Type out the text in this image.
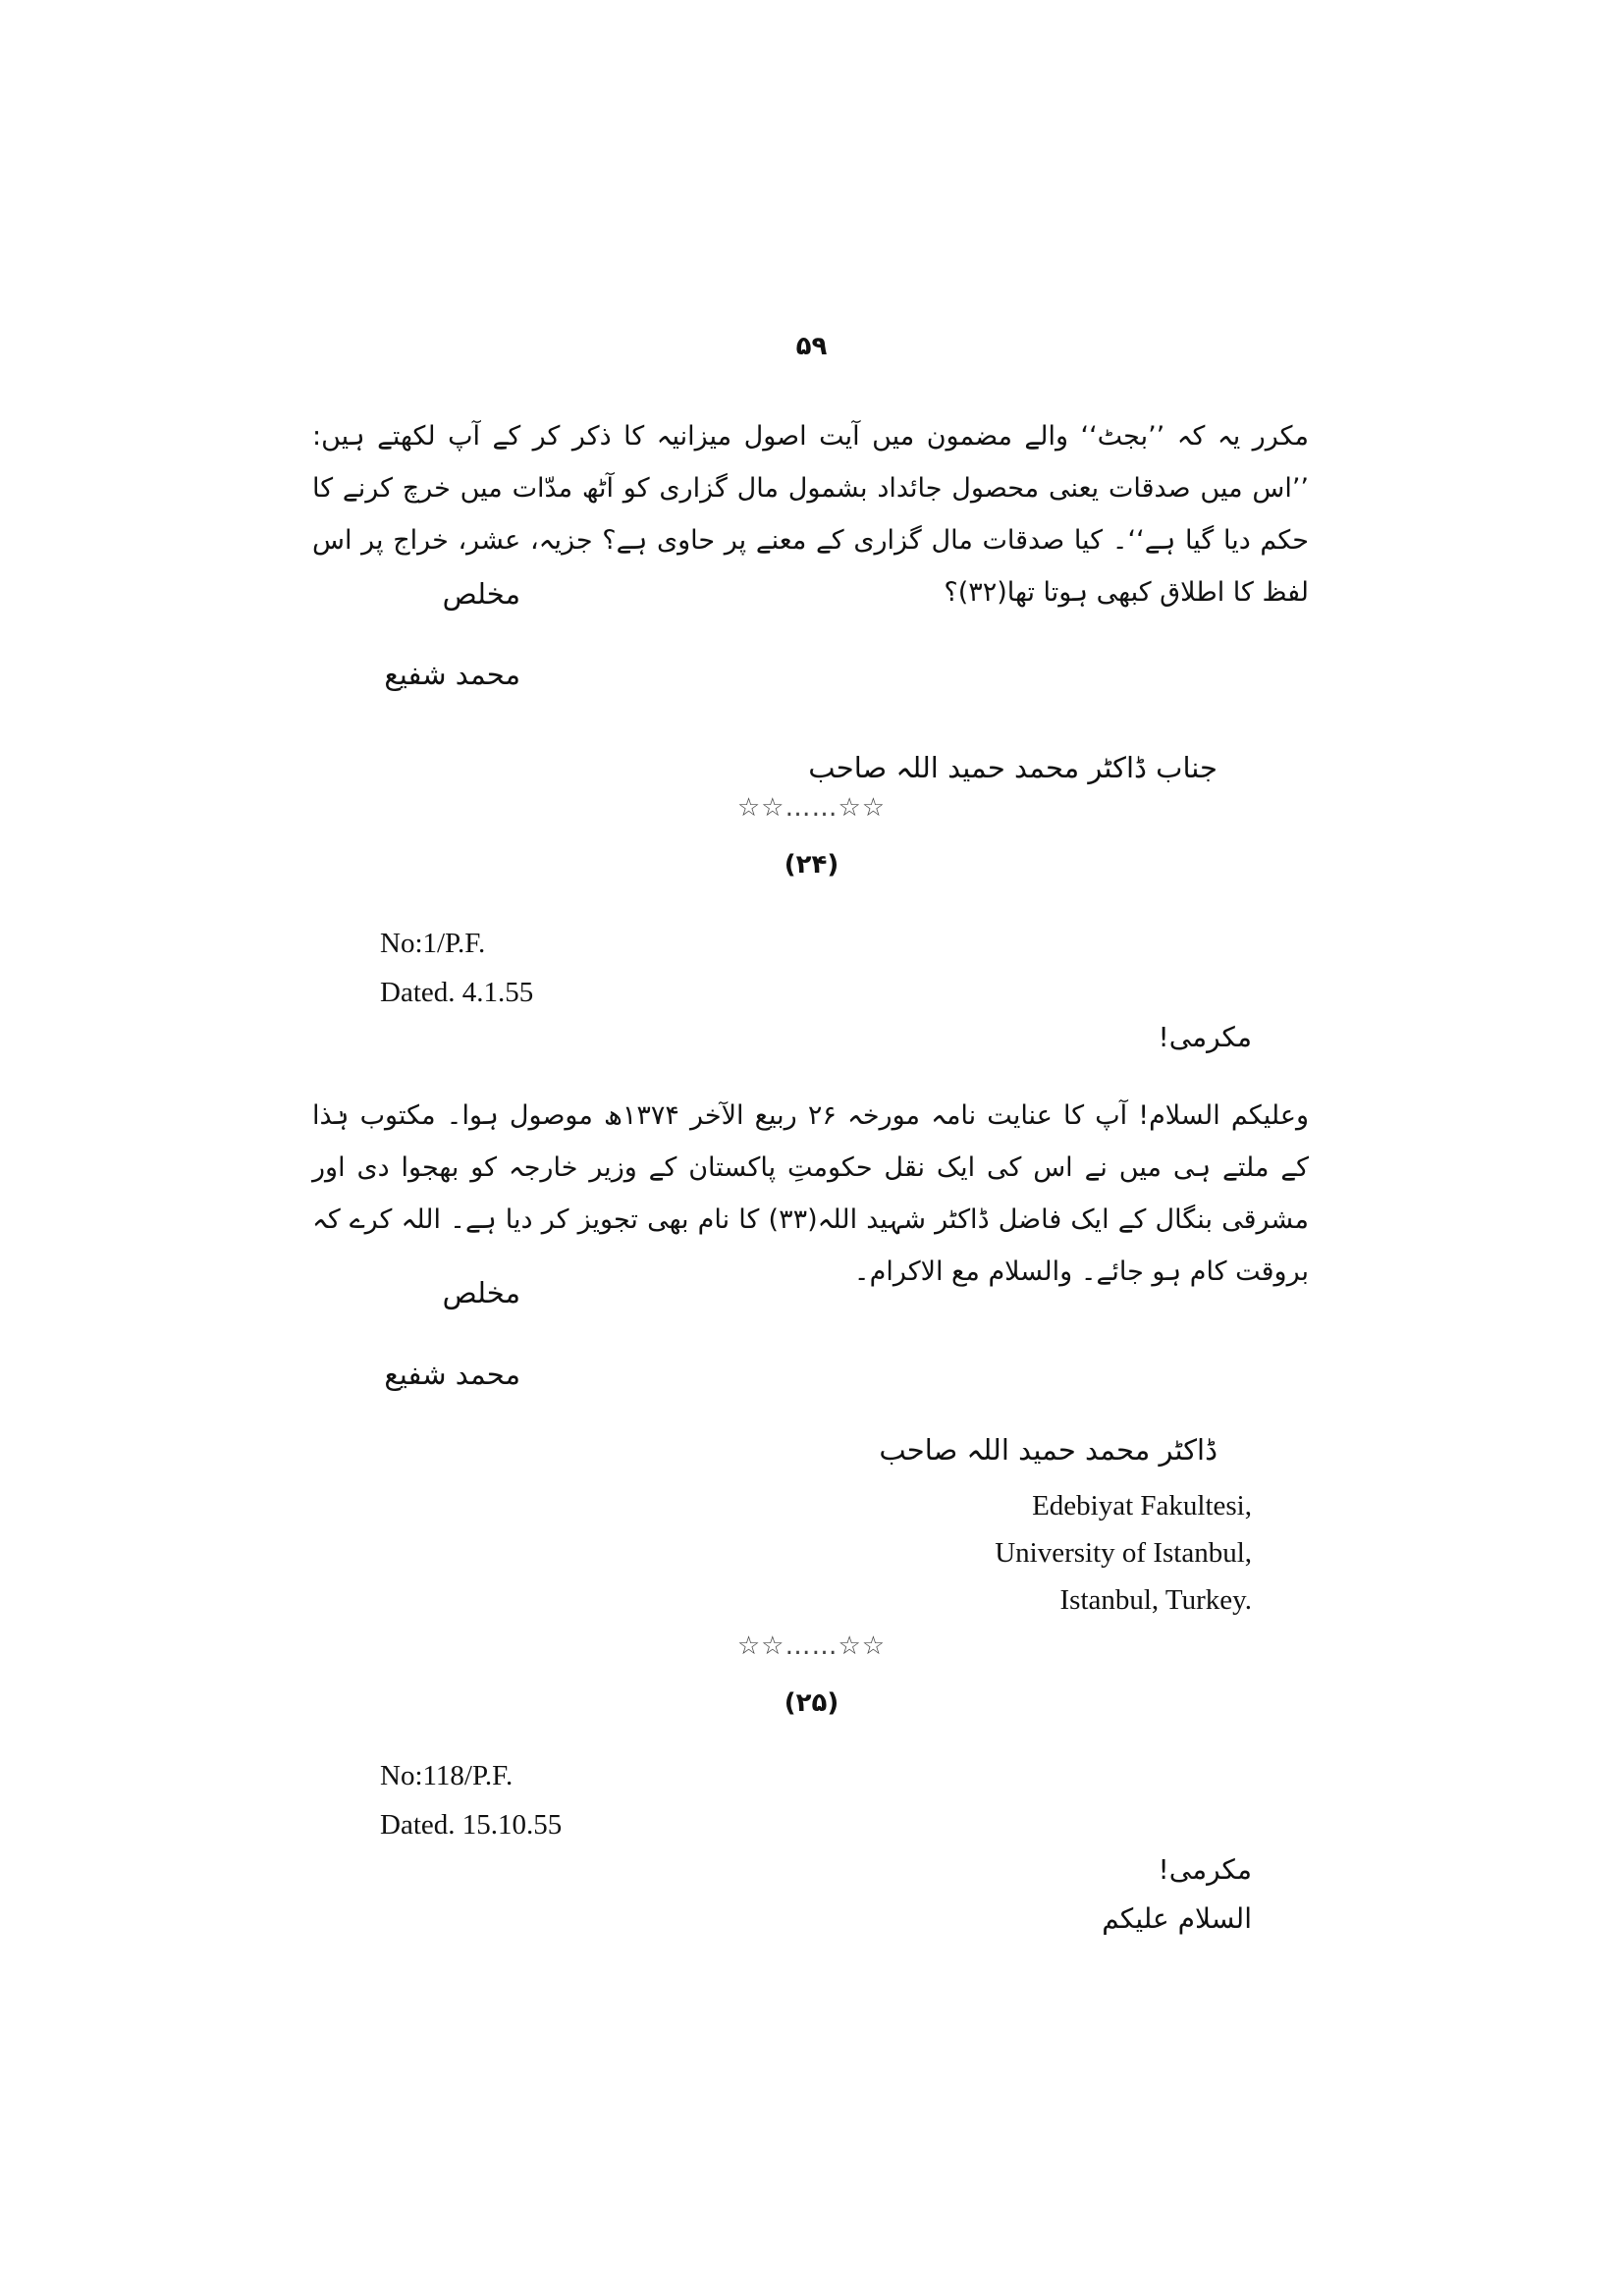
۵۹
مکرر یہ کہ ’’بجٹ‘‘ والے مضمون میں آیت اصول میزانیہ کا ذکر کر کے آپ لکھتے ہیں: ’’اس میں صدقات یعنی محصول جائداد بشمول مال گزاری کو آٹھ مدّات میں خرچ کرنے کا حکم دیا گیا ہے‘‘۔ کیا صدقات مال گزاری کے معنے پر حاوی ہے؟ جزیہ، عشر، خراج پر اس لفظ کا اطلاق کبھی ہوتا تھا(۳۲)؟
مخلص
محمد شفیع
جناب ڈاکٹر محمد حمید اللہ صاحب
☆☆……☆☆
(۲۴)
No:1/P.F.
Dated. 4.1.55
مکرمی!
وعلیکم السلام! آپ کا عنایت نامہ مورخہ ۲۶ ربیع الآخر ۱۳۷۴ھ موصول ہوا۔ مکتوب ہٰذا کے ملتے ہی میں نے اس کی ایک نقل حکومتِ پاکستان کے وزیر خارجہ کو بھجوا دی اور مشرقی بنگال کے ایک فاضل ڈاکٹر شہید اللہ(۳۳) کا نام بھی تجویز کر دیا ہے۔ اللہ کرے کہ بروقت کام ہو جائے۔ والسلام مع الاکرام۔
مخلص
محمد شفیع
ڈاکٹر محمد حمید اللہ صاحب
Edebiyat Fakultesi,
University of Istanbul,
Istanbul, Turkey.
☆☆……☆☆
(۲۵)
No:118/P.F.
Dated. 15.10.55
مکرمی!
السلام علیکم
